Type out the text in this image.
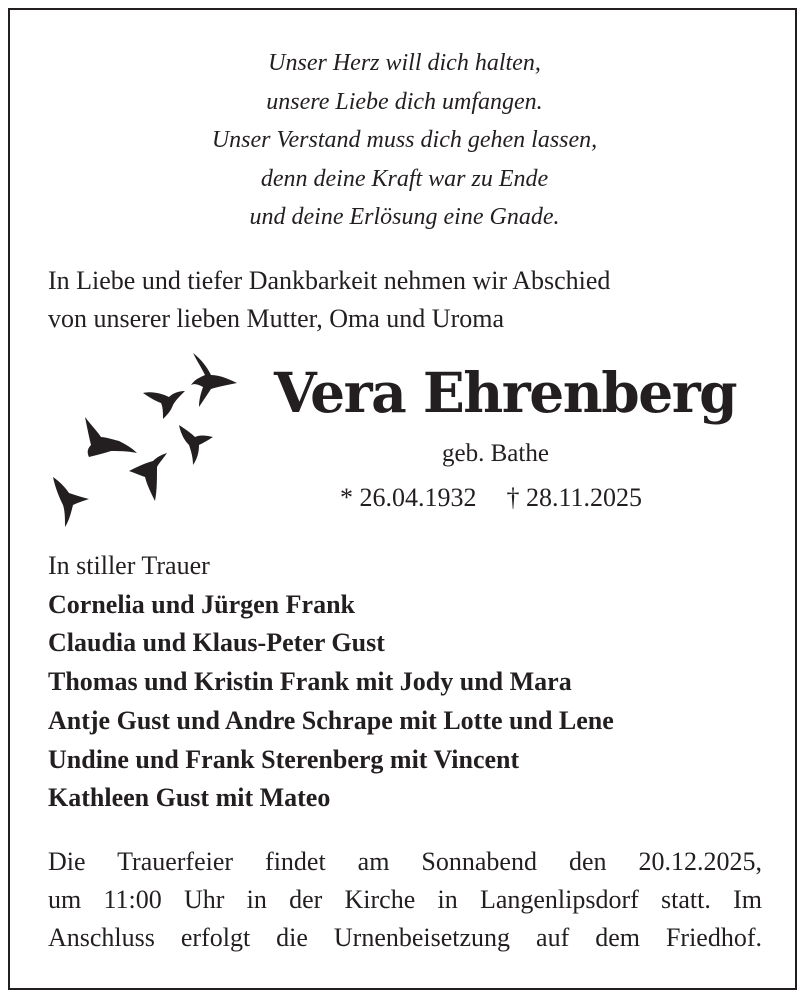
Unser Herz will dich halten,
unsere Liebe dich umfangen.
Unser Verstand muss dich gehen lassen,
denn deine Kraft war zu Ende
und deine Erlösung eine Gnade.
In Liebe und tiefer Dankbarkeit nehmen wir Abschied
von unserer lieben Mutter, Oma und Uroma
Vera Ehrenberg
geb. Bathe
* 26.04.1932 † 28.11.2025
In stiller Trauer
Cornelia und Jürgen Frank
Claudia und Klaus-Peter Gust
Thomas und Kristin Frank mit Jody und Mara
Antje Gust und Andre Schrape mit Lotte und Lene
Undine und Frank Sterenberg mit Vincent
Kathleen Gust mit Mateo
Die Trauerfeier findet am Sonnabend den 20.12.2025,
um 11:00 Uhr in der Kirche in Langenlipsdorf statt. Im
Anschluss erfolgt die Urnenbeisetzung auf dem Friedhof.
